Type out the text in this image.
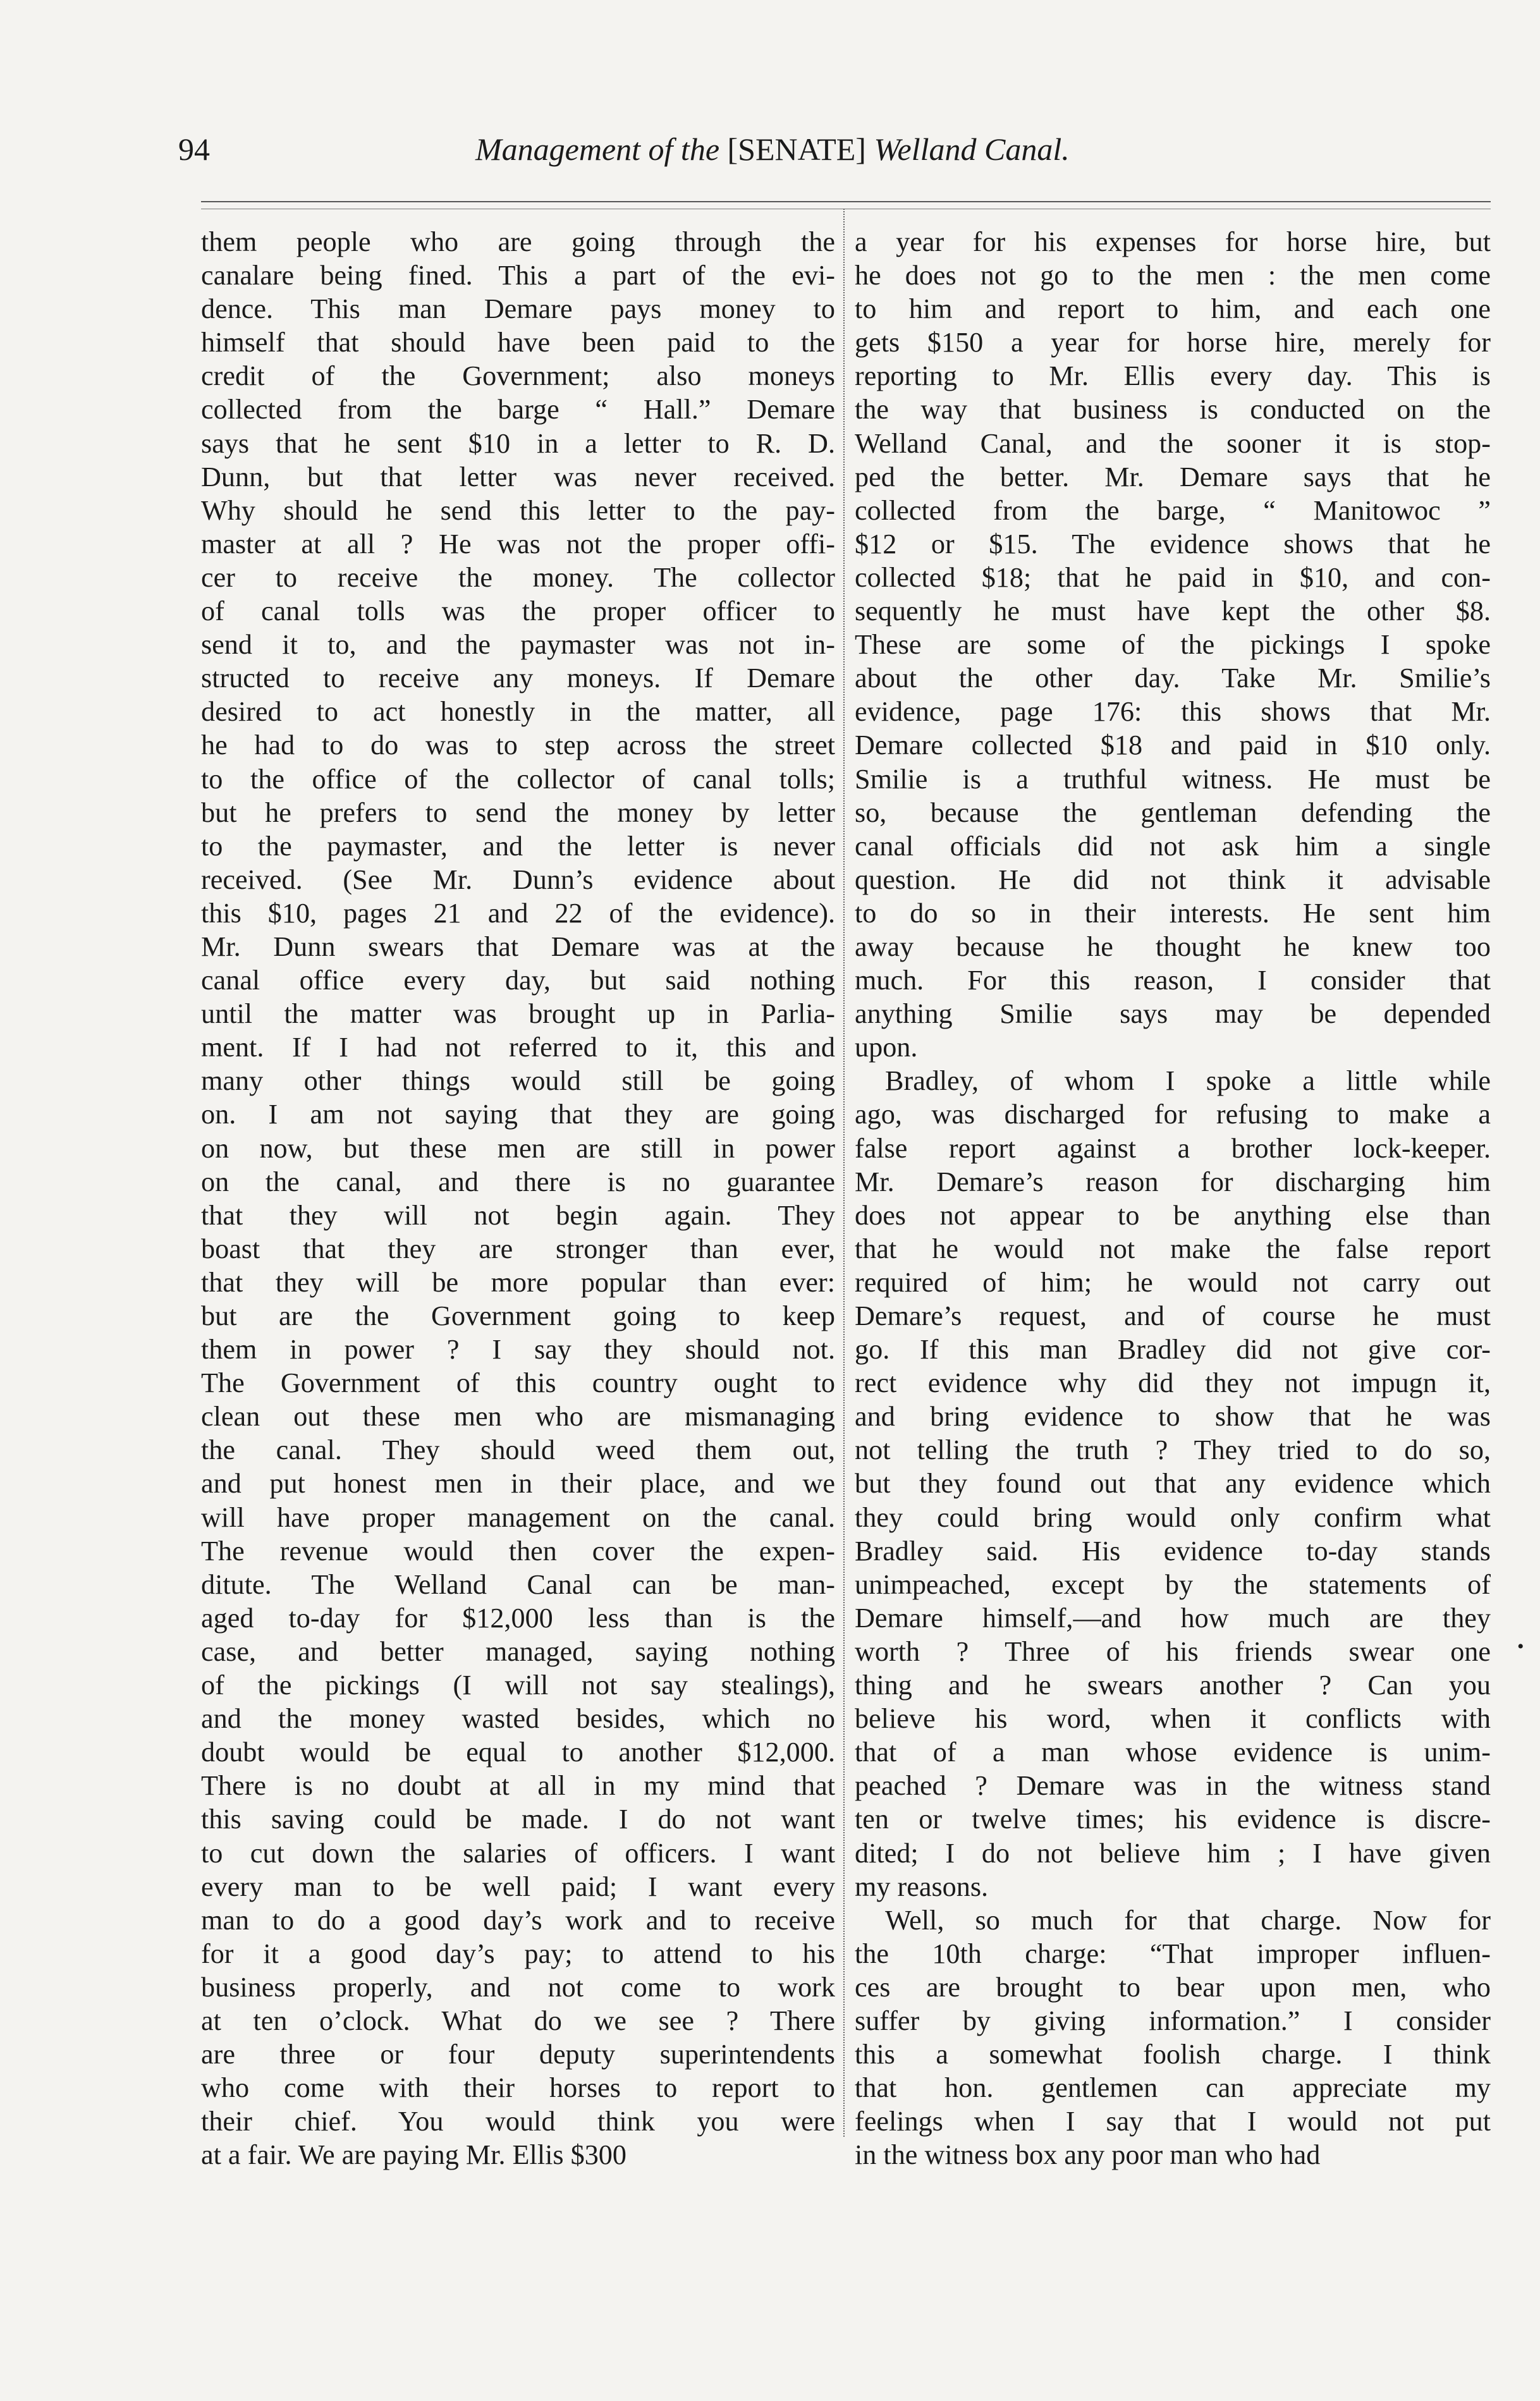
94	Management of the [SENATE] Welland Canal.
them people who are going through the
canalare being fined. This a part of the evi-
dence. This man Demare pays money to
himself that should have been paid to the
credit of the Government; also moneys
collected from the barge “ Hall.” Demare
says that he sent $10 in a letter to R. D.
Dunn, but that letter was never received.
Why should he send this letter to the pay-
master at all ? He was not the proper offi-
cer to receive the money. The collector
of canal tolls was the proper officer to
send it to, and the paymaster was not in-
structed to receive any moneys. If Demare
desired to act honestly in the matter, all
he had to do was to step across the street
to the office of the collector of canal tolls;
but he prefers to send the money by letter
to the paymaster, and the letter is never
received. (See Mr. Dunn’s evidence about
this $10, pages 21 and 22 of the evidence).
Mr. Dunn swears that Demare was at the
canal office every day, but said nothing
until the matter was brought up in Parlia-
ment. If I had not referred to it, this and
many other things would still be going
on. I am not saying that they are going
on now, but these men are still in power
on the canal, and there is no guarantee
that they will not begin again. They
boast that they are stronger than ever,
that they will be more popular than ever:
but are the Government going to keep
them in power ? I say they should not.
The Government of this country ought to
clean out these men who are mismanaging
the canal. They should weed them out,
and put honest men in their place, and we
will have proper management on the canal.
The revenue would then cover the expen-
ditute. The Welland Canal can be man-
aged to-day for $12,000 less than is the
case, and better managed, saying nothing
of the pickings (I will not say stealings),
and the money wasted besides, which no
doubt would be equal to another $12,000.
There is no doubt at all in my mind that
this saving could be made. I do not want
to cut down the salaries of officers. I want
every man to be well paid; I want every
man to do a good day’s work and to receive
for it a good day’s pay; to attend to his
business properly, and not come to work
at ten o’clock. What do we see ? There
are three or four deputy superintendents
who come with their horses to report to
their chief. You would think you were
at a fair. We are paying Mr. Ellis $300
a year for his expenses for horse hire, but
he does not go to the men : the men come
to him and report to him, and each one
gets $150 a year for horse hire, merely for
reporting to Mr. Ellis every day. This is
the way that business is conducted on the
Welland Canal, and the sooner it is stop-
ped the better. Mr. Demare says that he
collected from the barge, “ Manitowoc ”
$12 or $15. The evidence shows that he
collected $18; that he paid in $10, and con-
sequently he must have kept the other $8.
These are some of the pickings I spoke
about the other day. Take Mr. Smilie’s
evidence, page 176: this shows that Mr.
Demare collected $18 and paid in $10 only.
Smilie is a truthful witness. He must be
so, because the gentleman defending the
canal officials did not ask him a single
question. He did not think it advisable
to do so in their interests. He sent him
away because he thought he knew too
much. For this reason, I consider that
anything Smilie says may be depended
upon.
Bradley, of whom I spoke a little while
ago, was discharged for refusing to make a
false report against a brother lock-keeper.
Mr. Demare’s reason for discharging him
does not appear to be anything else than
that he would not make the false report
required of him; he would not carry out
Demare’s request, and of course he must
go. If this man Bradley did not give cor-
rect evidence why did they not impugn it,
and bring evidence to show that he was
not telling the truth ? They tried to do so,
but they found out that any evidence which
they could bring would only confirm what
Bradley said. His evidence to-day stands
unimpeached, except by the statements of
Demare himself,—and how much are they
worth ? Three of his friends swear one
thing and he swears another ? Can you
believe his word, when it conflicts with
that of a man whose evidence is unim-
peached ? Demare was in the witness stand
ten or twelve times; his evidence is discre-
dited; I do not believe him ; I have given
my reasons.
Well, so much for that charge. Now for
the 10th charge: “That improper influen-
ces are brought to bear upon men, who
suffer by giving information.” I consider
this a somewhat foolish charge. I think
that hon. gentlemen can appreciate my
feelings when I say that I would not put
in the witness box any poor man who had
•
